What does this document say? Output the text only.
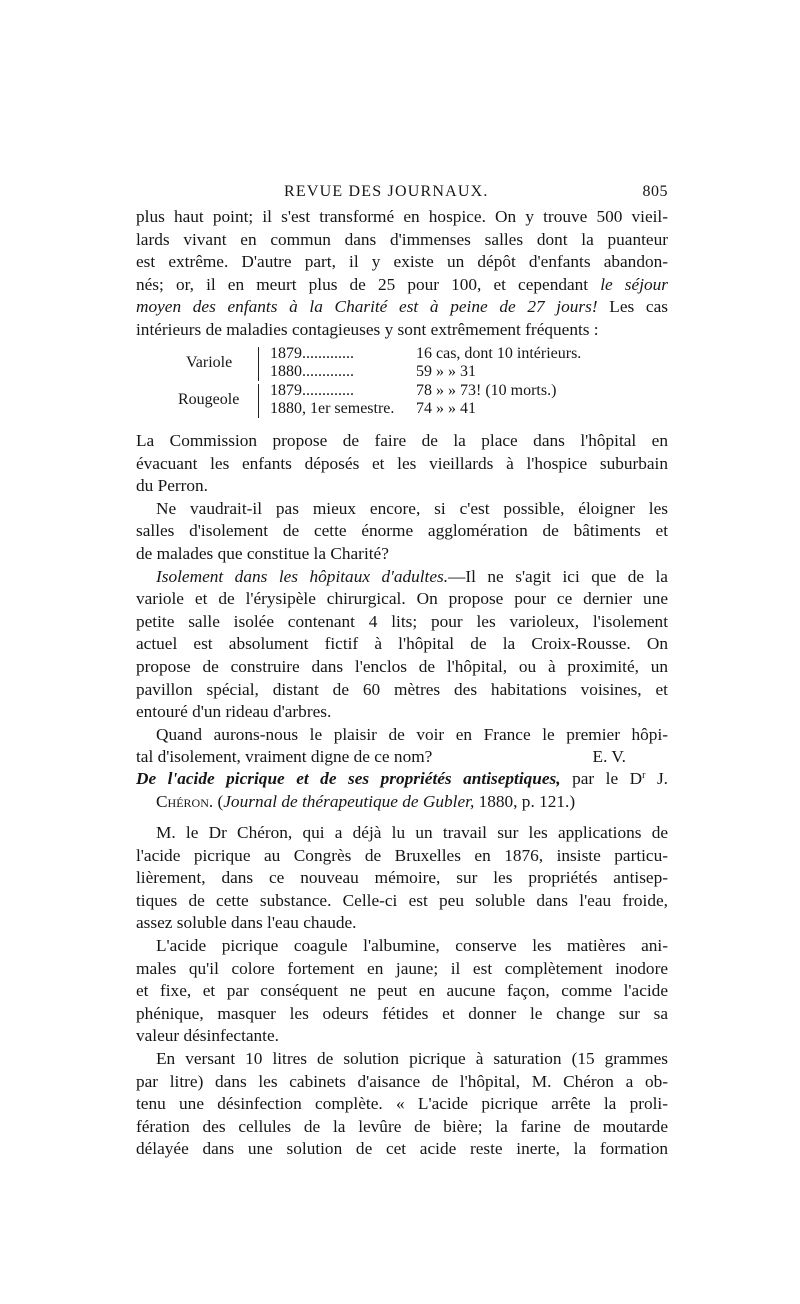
REVUE DES JOURNAUX.	805
plus haut point; il s'est transformé en hospice. On y trouve 500 vieil-
lards vivant en commun dans d'immenses salles dont la puanteur
est extrême. D'autre part, il y existe un dépôt d'enfants abandon-
nés; or, il en meurt plus de 25 pour 100, et cependant le séjour
moyen des enfants à la Charité est à peine de 27 jours! Les cas
intérieurs de maladies contagieuses y sont extrêmement fréquents :
Variole
1879.............	16 cas, dont 10 intérieurs.
1880.............	59 » » 31
Rougeole
1879.............	78 » » 73! (10 morts.)
1880, 1er semestre. 74 » » 41
La Commission propose de faire de la place dans l'hôpital en
évacuant les enfants déposés et les vieillards à l'hospice suburbain
du Perron.
Ne vaudrait-il pas mieux encore, si c'est possible, éloigner les
salles d'isolement de cette énorme agglomération de bâtiments et
de malades que constitue la Charité?
Isolement dans les hôpitaux d'adultes.—Il ne s'agit ici que de la
variole et de l'érysipèle chirurgical. On propose pour ce dernier une
petite salle isolée contenant 4 lits; pour les varioleux, l'isolement
actuel est absolument fictif à l'hôpital de la Croix-Rousse. On
propose de construire dans l'enclos de l'hôpital, ou à proximité, un
pavillon spécial, distant de 60 mètres des habitations voisines, et
entouré d'un rideau d'arbres.
Quand aurons-nous le plaisir de voir en France le premier hôpi-
tal d'isolement, vraiment digne de ce nom?	E. V.
De l'acide picrique et de ses propriétés antiseptiques, par le $D^r$ J.
Chéron. (Journal de thérapeutique de Gubler, 1880, p. 121.)
M. le Dr Chéron, qui a déjà lu un travail sur les applications de
l'acide picrique au Congrès de Bruxelles en 1876, insiste particu-
lièrement, dans ce nouveau mémoire, sur les propriétés antisep-
tiques de cette substance. Celle-ci est peu soluble dans l'eau froide,
assez soluble dans l'eau chaude.
L'acide picrique coagule l'albumine, conserve les matières ani-
males qu'il colore fortement en jaune; il est complètement inodore
et fixe, et par conséquent ne peut en aucune façon, comme l'acide
phénique, masquer les odeurs fétides et donner le change sur sa
valeur désinfectante.
En versant 10 litres de solution picrique à saturation (15 grammes
par litre) dans les cabinets d'aisance de l'hôpital, M. Chéron a ob-
tenu une désinfection complète. « L'acide picrique arrête la proli-
fération des cellules de la levûre de bière; la farine de moutarde
délayée dans une solution de cet acide reste inerte, la formation
